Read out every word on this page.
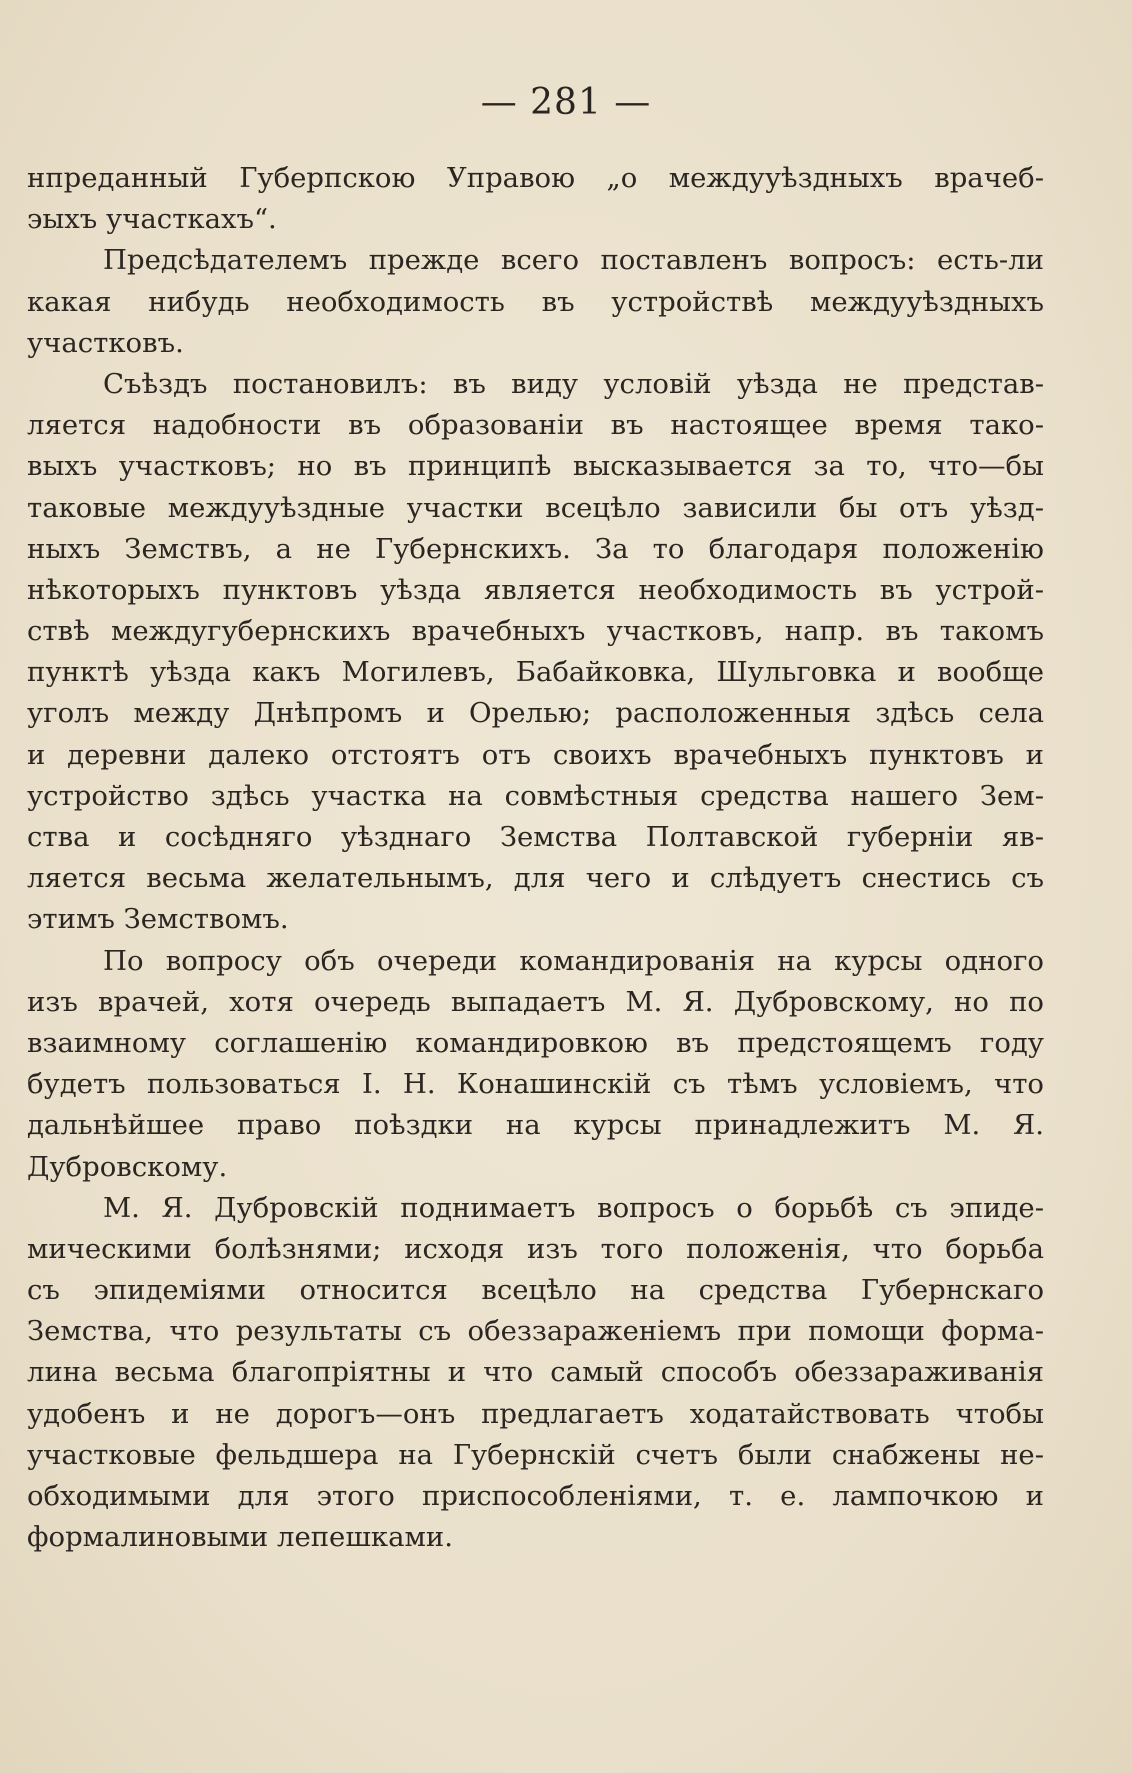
— 281 —
нпреданный Губерпскою Управою „о междууѣздныхъ врачеб-
эыхъ участкахъ“.
Предсѣдателемъ прежде всего поставленъ вопросъ: есть-ли
какая нибудь необходимость въ устройствѣ междууѣздныхъ
участковъ.
Съѣздъ постановилъ: въ виду условій уѣзда не представ-
ляется надобности въ образованіи въ настоящее время тако-
выхъ участковъ; но въ принципѣ высказывается за то, что—бы
таковые междууѣздные участки всецѣло зависили бы отъ уѣзд-
ныхъ Земствъ, а не Губернскихъ. За то благодаря положенію
нѣкоторыхъ пунктовъ уѣзда является необходимость въ устрой-
ствѣ междугубернскихъ врачебныхъ участковъ, напр. въ такомъ
пунктѣ уѣзда какъ Могилевъ, Бабайковка, Шульговка и вообще
уголъ между Днѣпромъ и Орелью; расположенныя здѣсь села
и деревни далеко отстоятъ отъ своихъ врачебныхъ пунктовъ и
устройство здѣсь участка на совмѣстныя средства нашего Зем-
ства и сосѣдняго уѣзднаго Земства Полтавской губерніи яв-
ляется весьма желательнымъ, для чего и слѣдуетъ снестись съ
этимъ Земствомъ.
По вопросу объ очереди командированія на курсы одного
изъ врачей, хотя очередь выпадаетъ М. Я. Дубровскому, но по
взаимному соглашенію командировкою въ предстоящемъ году
будетъ пользоваться I. Н. Конашинскій съ тѣмъ условіемъ, что
дальнѣйшее право поѣздки на курсы принадлежитъ М. Я.
Дубровскому.
М. Я. Дубровскій поднимаетъ вопросъ о борьбѣ съ эпиде-
мическими болѣзнями; исходя изъ того положенія, что борьба
съ эпидеміями относится всецѣло на средства Губернскаго
Земства, что результаты съ обеззараженіемъ при помощи форма-
лина весьма благопріятны и что самый способъ обеззараживанія
удобенъ и не дорогъ—онъ предлагаетъ ходатайствовать чтобы
участковые фельдшера на Губернскій счетъ были снабжены не-
обходимыми для этого приспособленіями, т. е. лампочкою и
формалиновыми лепешками.
